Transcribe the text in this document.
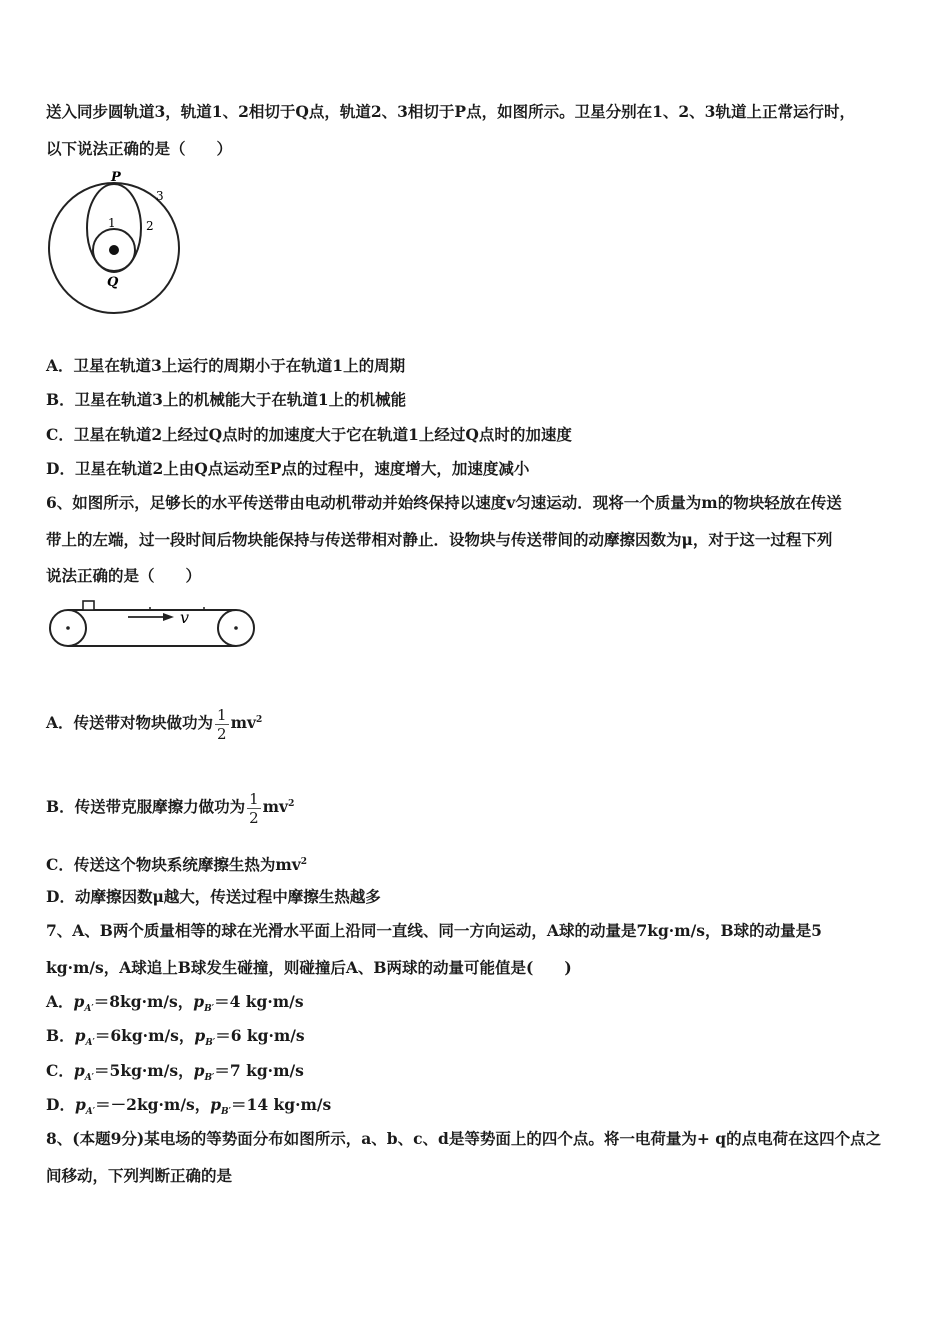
送入同步圆轨道3，轨道1、2相切于Q点，轨道2、3相切于P点，如图所示。卫星分别在1、2、3轨道上正常运行时，
以下说法正确的是（　　）
P
Q
1	2
3
A．卫星在轨道3上运行的周期小于在轨道1上的周期
B．卫星在轨道3上的机械能大于在轨道1上的机械能
C．卫星在轨道2上经过Q点时的加速度大于它在轨道1上经过Q点时的加速度
D．卫星在轨道2上由Q点运动至P点的过程中，速度增大，加速度减小
6、如图所示，足够长的水平传送带由电动机带动并始终保持以速度v匀速运动．现将一个质量为m的物块轻放在传送
带上的左端，过一段时间后物块能保持与传送带相对静止．设物块与传送带间的动摩擦因数为μ，对于这一过程下列
说法正确的是（　　）
v
A．传送带对物块做功为 $\frac{1}{2} mv^2$
B．传送带克服摩擦力做功为 $\frac{1}{2} mv^2$
C．传送这个物块系统摩擦生热为$mv^2$
D．动摩擦因数μ越大，传送过程中摩擦生热越多
7、A、B两个质量相等的球在光滑水平面上沿同一直线、同一方向运动，A球的动量是7kg·m/s，B球的动量是5
kg·m/s，A球追上B球发生碰撞，则碰撞后A、B两球的动量可能值是(　　)
A．$p_{A'}=8kg\cdot m/s$，$p_{B'}=4$ kg·m/s
B．$p_{A'}=6kg\cdot m/s$，$p_{B'}=6$ kg·m/s
C．$p_{A'}=5kg\cdot m/s$，$p_{B'}=7$ kg·m/s
D．$p_{A'}=-2kg\cdot m/s$，$p_{B'}=14$ kg·m/s
8、(本题9分)某电场的等势面分布如图所示，a、b、c、d是等势面上的四个点。将一电荷量为+ q的点电荷在这四个点之
间移动，下列判断正确的是
